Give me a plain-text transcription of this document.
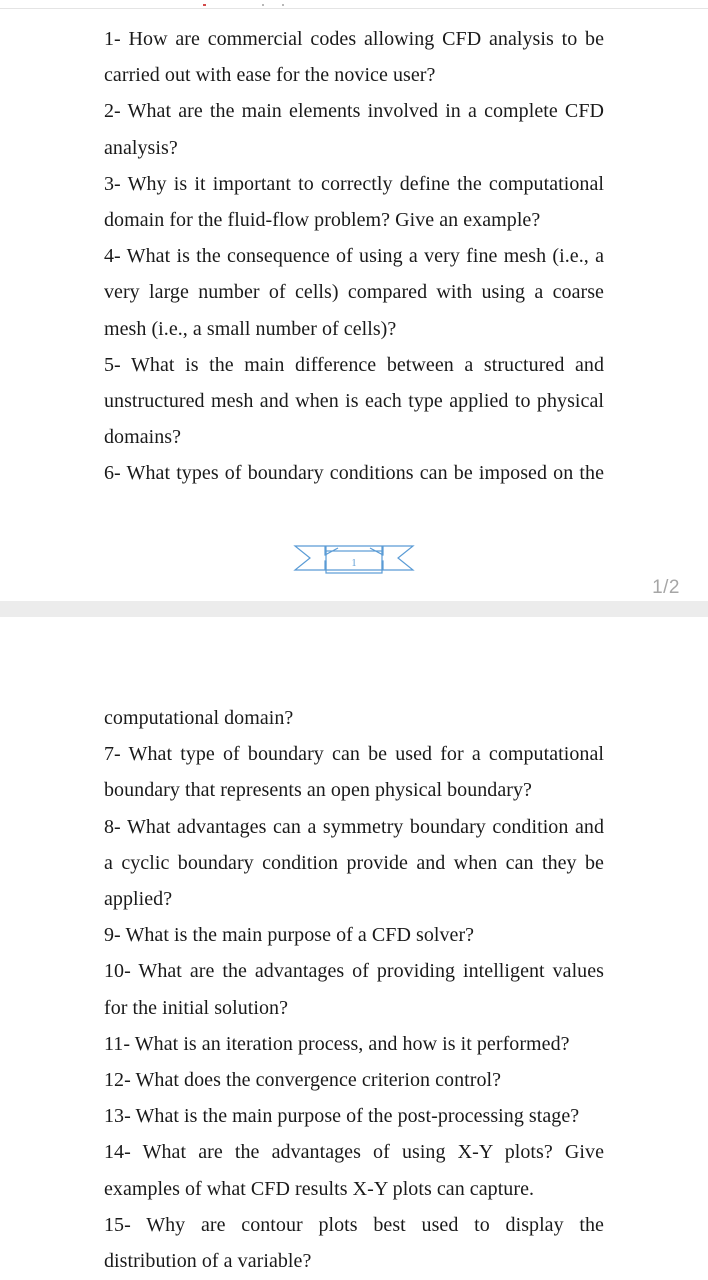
1- How are commercial codes allowing CFD analysis to be carried out with ease for the novice user?

2- What are the main elements involved in a complete CFD analysis?

3- Why is it important to correctly define the computational domain for the fluid-flow problem? Give an example?

4- What is the consequence of using a very fine mesh (i.e., a very large number of cells) compared with using a coarse mesh (i.e., a small number of cells)?

5- What is the main difference between a structured and unstructured mesh and when is each type applied to physical domains?

6- What types of boundary conditions can be imposed on the

1
1/2

computational domain?

7- What type of boundary can be used for a computational boundary that represents an open physical boundary?

8- What advantages can a symmetry boundary condition and a cyclic boundary condition provide and when can they be applied?

9- What is the main purpose of a CFD solver?

10- What are the advantages of providing intelligent values for the initial solution?

11- What is an iteration process, and how is it performed?

12- What does the convergence criterion control?

13- What is the main purpose of the post-processing stage?

14- What are the advantages of using X-Y plots? Give examples of what CFD results X-Y plots can capture.

15- Why are contour plots best used to display the distribution of a variable?
